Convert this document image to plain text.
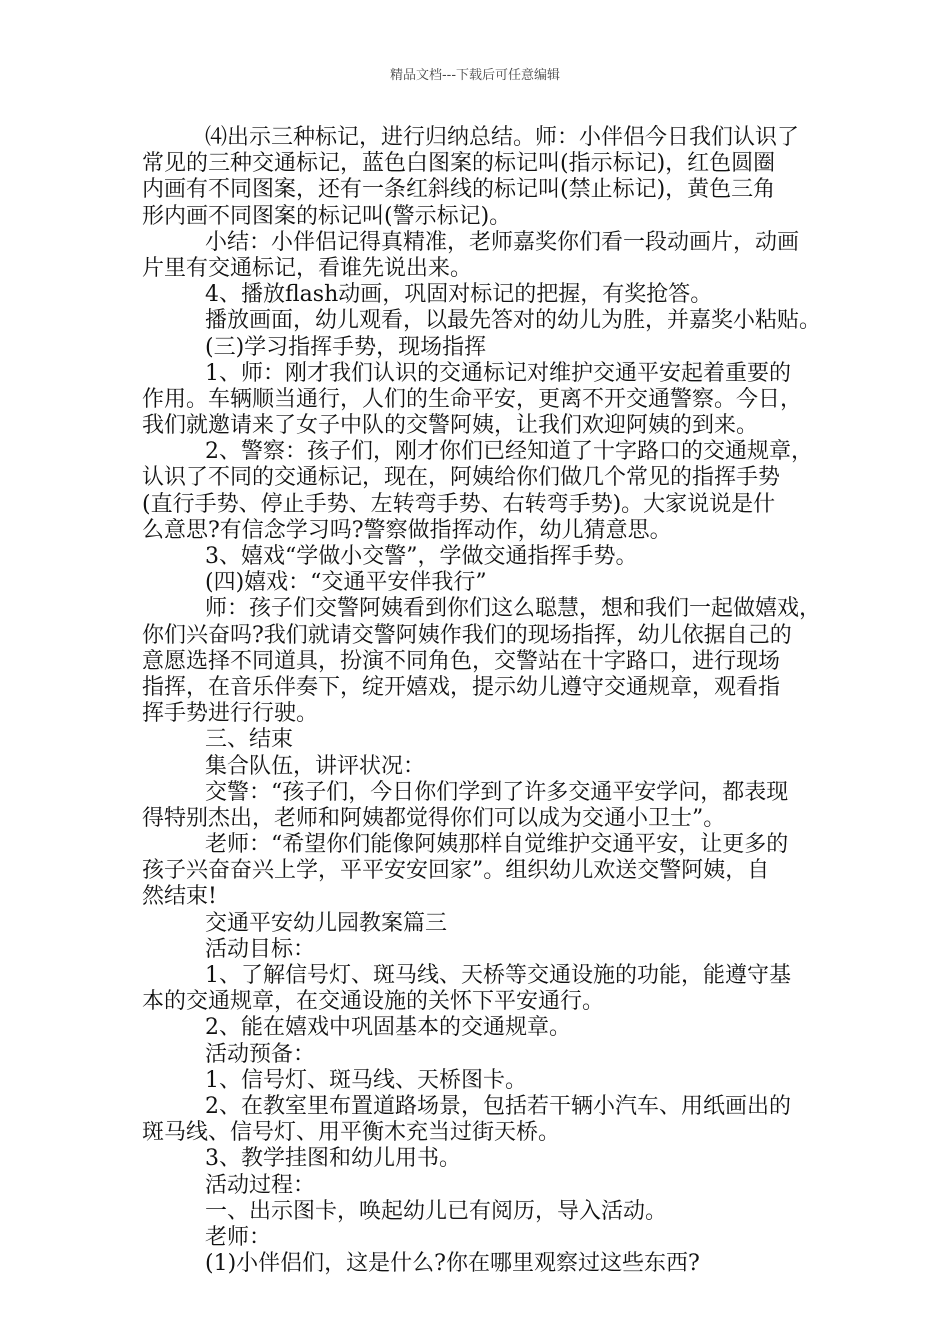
精品文档---下载后可任意编辑
⑷出示三种标记，进行归纳总结。师：小伴侣今日我们认识了
常见的三种交通标记，蓝色白图案的标记叫(指示标记)，红色圆圈
内画有不同图案，还有一条红斜线的标记叫(禁止标记)，黄色三角
形内画不同图案的标记叫(警示标记)。
小结：小伴侣记得真精准，老师嘉奖你们看一段动画片，动画
片里有交通标记，看谁先说出来。
4、播放flash动画，巩固对标记的把握，有奖抢答。
播放画面，幼儿观看，以最先答对的幼儿为胜，并嘉奖小粘贴。
(三)学习指挥手势，现场指挥
1、师：刚才我们认识的交通标记对维护交通平安起着重要的
作用。车辆顺当通行，人们的生命平安，更离不开交通警察。今日，
我们就邀请来了女子中队的交警阿姨，让我们欢迎阿姨的到来。
2、警察：孩子们，刚才你们已经知道了十字路口的交通规章，
认识了不同的交通标记，现在，阿姨给你们做几个常见的指挥手势
(直行手势、停止手势、左转弯手势、右转弯手势)。大家说说是什
么意思?有信念学习吗?警察做指挥动作，幼儿猜意思。
3、嬉戏“学做小交警”，学做交通指挥手势。
(四)嬉戏：“交通平安伴我行”
师：孩子们交警阿姨看到你们这么聪慧，想和我们一起做嬉戏，
你们兴奋吗?我们就请交警阿姨作我们的现场指挥，幼儿依据自己的
意愿选择不同道具，扮演不同角色，交警站在十字路口，进行现场
指挥，在音乐伴奏下，绽开嬉戏，提示幼儿遵守交通规章，观看指
挥手势进行行驶。
三、结束
集合队伍，讲评状况：
交警：“孩子们，今日你们学到了许多交通平安学问，都表现
得特别杰出，老师和阿姨都觉得你们可以成为交通小卫士”。
老师：“希望你们能像阿姨那样自觉维护交通平安，让更多的
孩子兴奋奋兴上学，平平安安回家”。组织幼儿欢送交警阿姨，自
然结束!
交通平安幼儿园教案篇三
活动目标：
1、了解信号灯、斑马线、天桥等交通设施的功能，能遵守基
本的交通规章，在交通设施的关怀下平安通行。
2、能在嬉戏中巩固基本的交通规章。
活动预备：
1、信号灯、斑马线、天桥图卡。
2、在教室里布置道路场景，包括若干辆小汽车、用纸画出的
斑马线、信号灯、用平衡木充当过街天桥。
3、教学挂图和幼儿用书。
活动过程：
一、出示图卡，唤起幼儿已有阅历，导入活动。
老师：
(1)小伴侣们，这是什么?你在哪里观察过这些东西?
